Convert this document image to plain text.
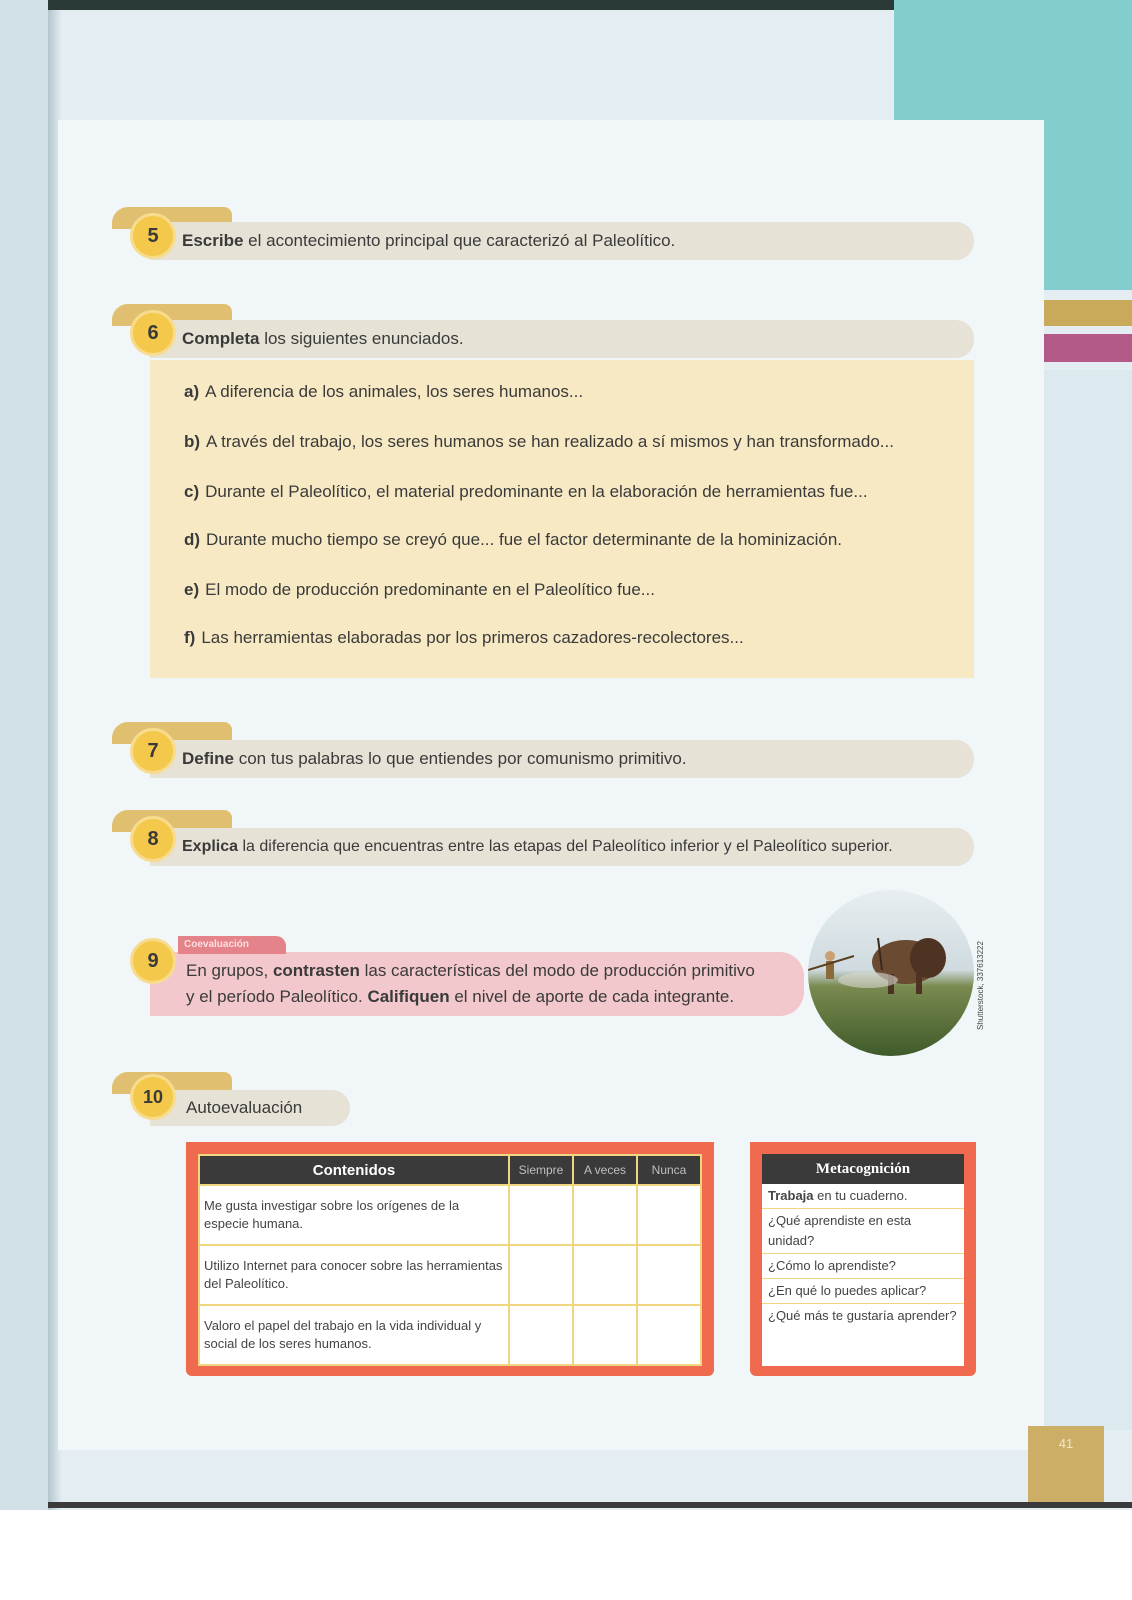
Escribe el acontecimiento principal que caracterizó al Paleolítico.
5
Completa los siguientes enunciados.
6
a) A diferencia de los animales, los seres humanos...
b) A través del trabajo, los seres humanos se han realizado a sí mismos y han transformado...
c) Durante el Paleolítico, el material predominante en la elaboración de herramientas fue...
d) Durante mucho tiempo se creyó que... fue el factor determinante de la hominización.
e) El modo de producción predominante en el Paleolítico fue...
f) Las herramientas elaboradas por los primeros cazadores-recolectores...
Define con tus palabras lo que entiendes por comunismo primitivo.
7
Explica la diferencia que encuentras entre las etapas del Paleolítico inferior y el Paleolítico superior.
8
En grupos, contrasten las características del modo de producción primitivo
y el período Paleolítico. Califiquen el nivel de aporte de cada integrante.
Coevaluación
9	Shutterstock, 337613222
Autoevaluación
10
Contenidos	Siempre	A veces	Nunca
Me gusta investigar sobre los orígenes de la especie humana.			
Utilizo Internet para conocer sobre las herramientas del Paleolítico.			
Valoro el papel del trabajo en la vida individual y social de los seres humanos.			
Metacognición
Trabaja en tu cuaderno.
¿Qué aprendiste en esta unidad?
¿Cómo lo aprendiste?
¿En qué lo puedes aplicar?
¿Qué más te gustaría aprender?
41
